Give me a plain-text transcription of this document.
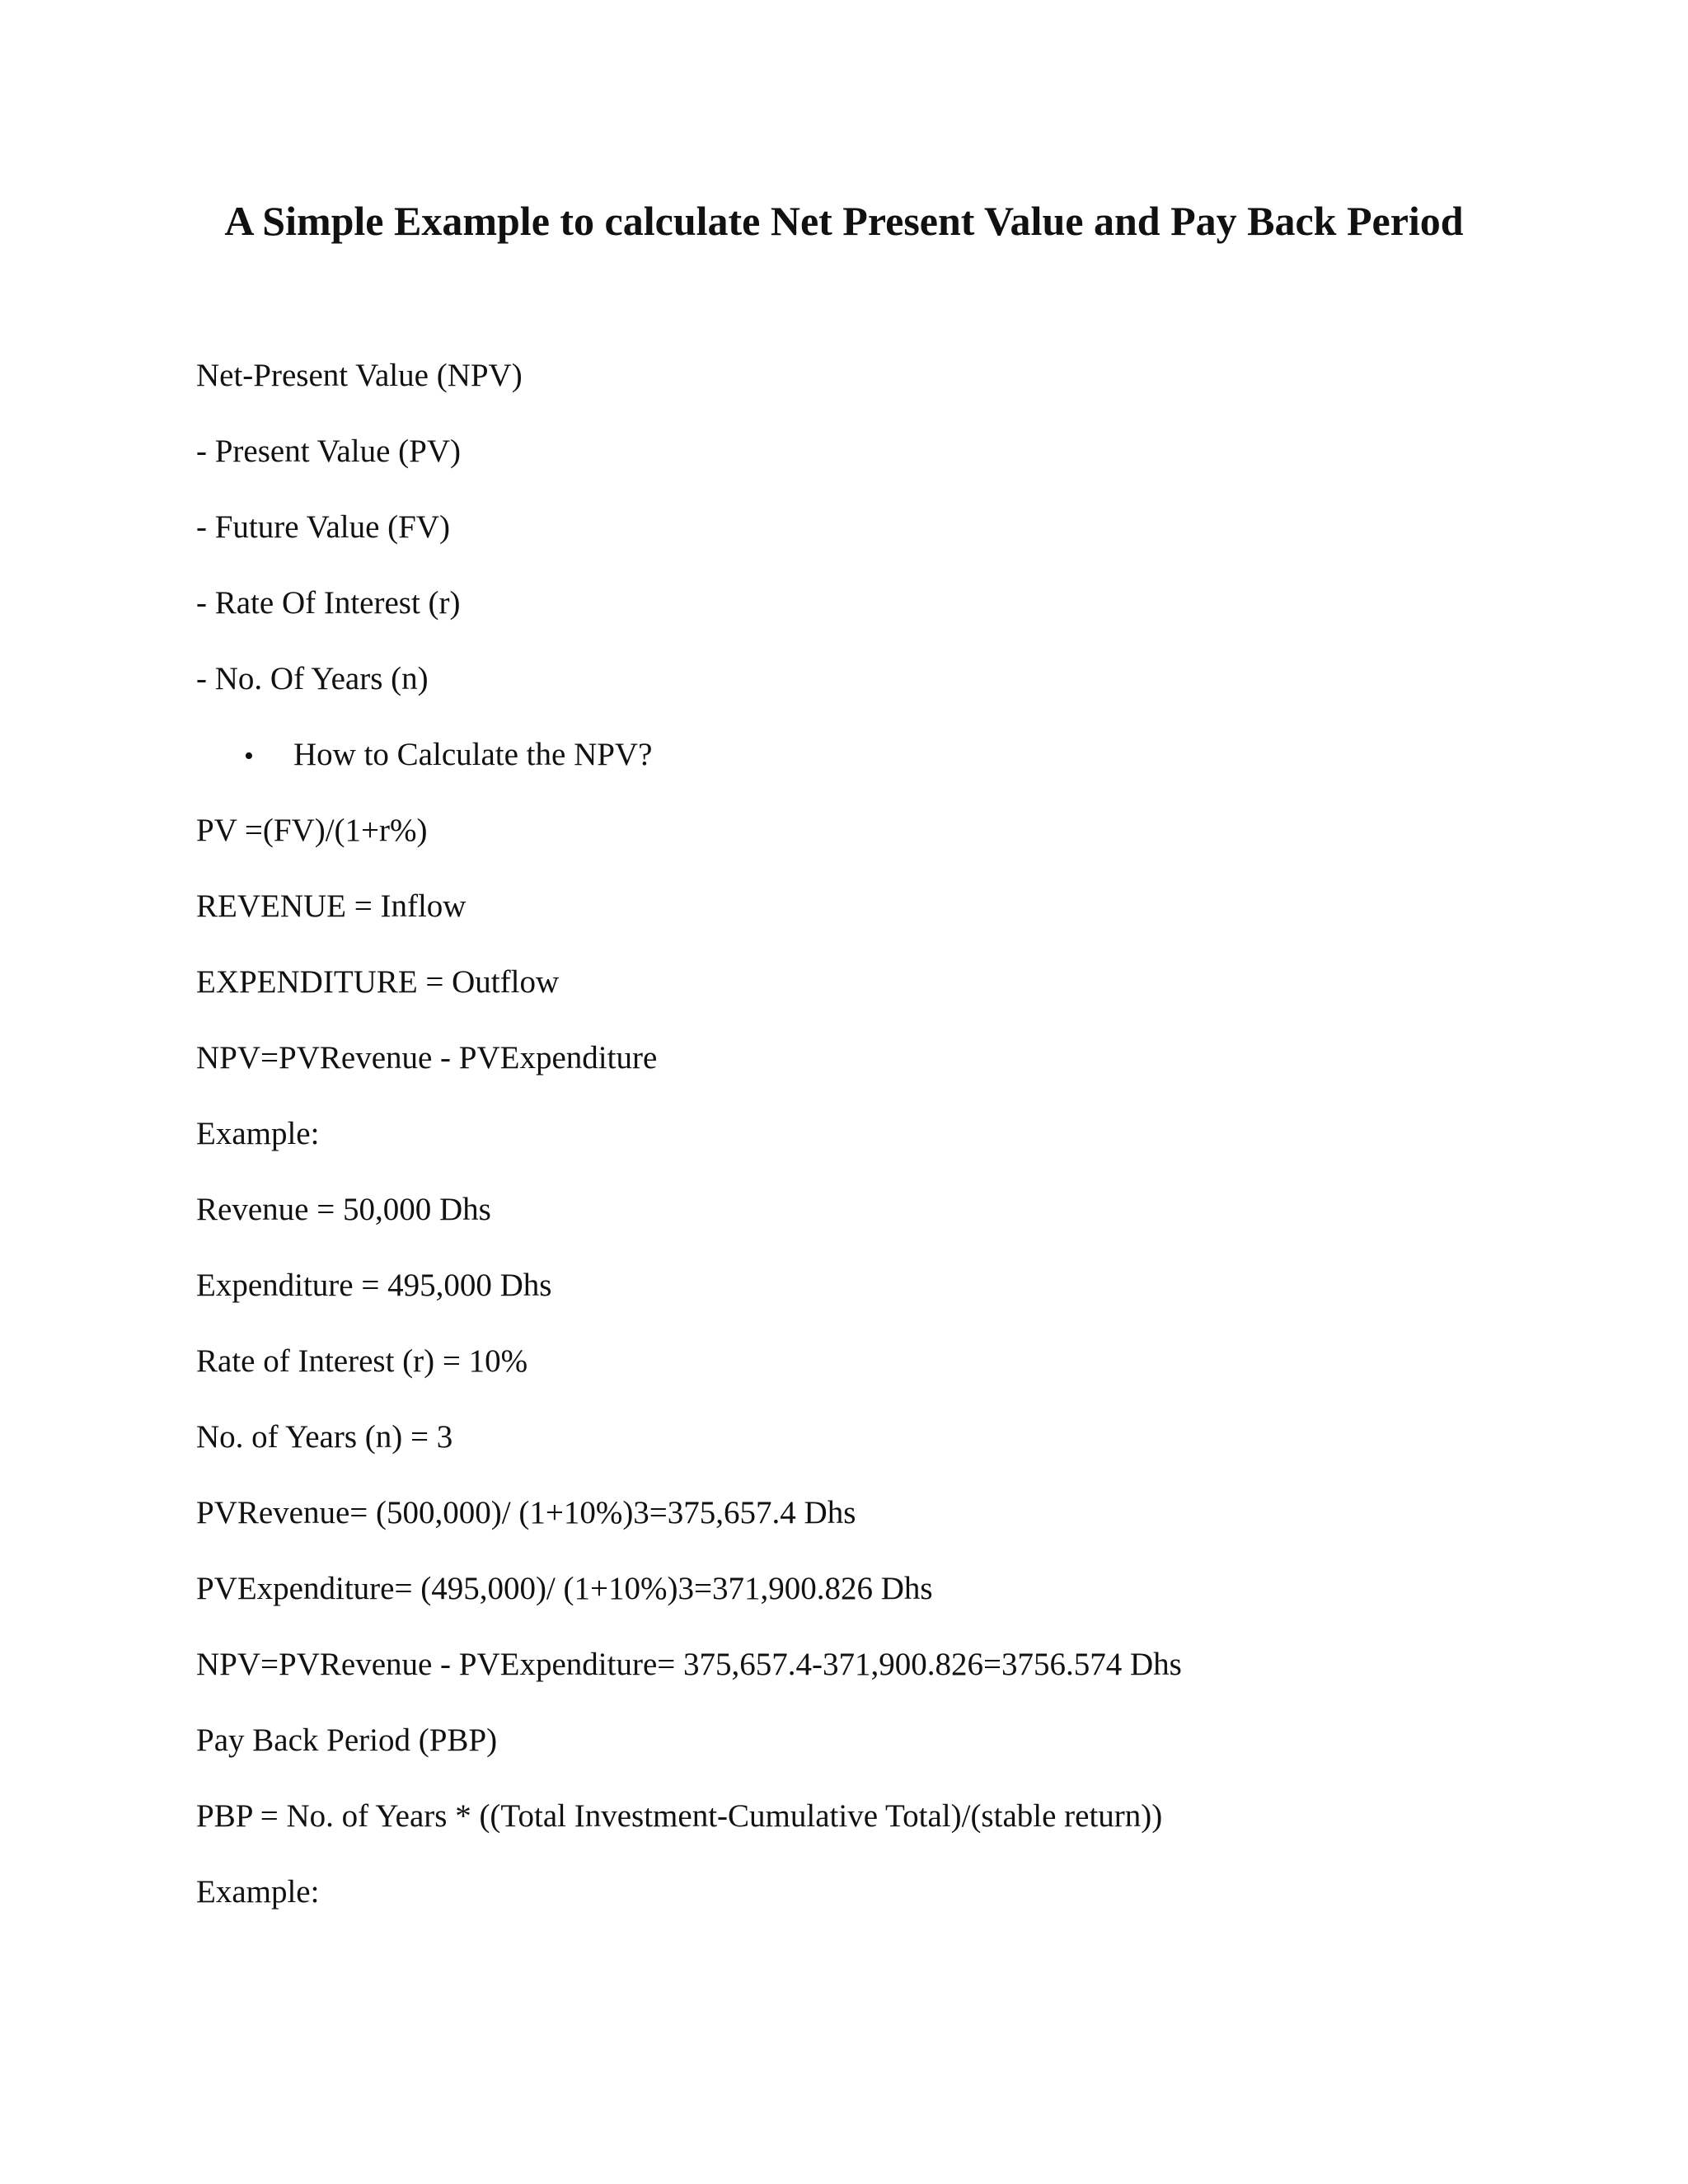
A Simple Example to calculate Net Present Value and Pay Back Period

Net-Present Value (NPV)

- Present Value (PV)

- Future Value (FV)

- Rate Of Interest (r)

- No. Of Years (n)

• How to Calculate the NPV?

PV =(FV)/(1+r%)

REVENUE = Inflow

EXPENDITURE = Outflow

NPV=PVRevenue - PVExpenditure

Example:

Revenue = 50,000 Dhs

Expenditure = 495,000 Dhs

Rate of Interest (r) = 10%

No. of Years (n) = 3

PVRevenue= (500,000)/ (1+10%)3=375,657.4 Dhs

PVExpenditure= (495,000)/ (1+10%)3=371,900.826 Dhs

NPV=PVRevenue - PVExpenditure= 375,657.4-371,900.826=3756.574 Dhs

Pay Back Period (PBP)

PBP = No. of Years * ((Total Investment-Cumulative Total)/(stable return))

Example:
